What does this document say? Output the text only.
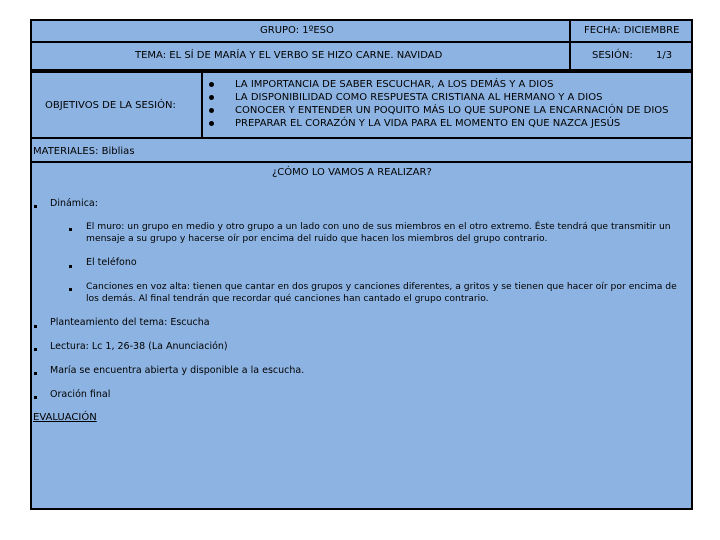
GRUPO: 1ºESO	FECHA: DICIEMBRE
TEMA: EL SÍ DE MARÍA Y EL VERBO SE HIZO CARNE. NAVIDAD	SESIÓN: 1/3
OBJETIVOS DE LA SESIÓN:
LA IMPORTANCIA DE SABER ESCUCHAR, A LOS DEMÁS Y A DIOS
LA DISPONIBILIDAD COMO RESPUESTA CRISTIANA AL HERMANO Y A DIOS
CONOCER Y ENTENDER UN POQUITO MÁS LO QUE SUPONE LA ENCARNACIÓN DE DIOS
PREPARAR EL CORAZÓN Y LA VIDA PARA EL MOMENTO EN QUE NAZCA JESÚS
MATERIALES: Biblias
¿CÓMO LO VAMOS A REALIZAR?
Dinámica:
El muro: un grupo en medio y otro grupo a un lado con uno de sus miembros en el otro extremo. Éste tendrá que transmitir un mensaje a su grupo y hacerse oír por encima del ruido que hacen los miembros del grupo contrario.
El teléfono
Canciones en voz alta: tienen que cantar en dos grupos y canciones diferentes, a gritos y se tienen que hacer oír por encima de los demás. Al final tendrán que recordar qué canciones han cantado el grupo contrario.
Planteamiento del tema: Escucha
Lectura: Lc 1, 26-38 (La Anunciación)
María se encuentra abierta y disponible a la escucha.
Oración final
EVALUACIÓN
